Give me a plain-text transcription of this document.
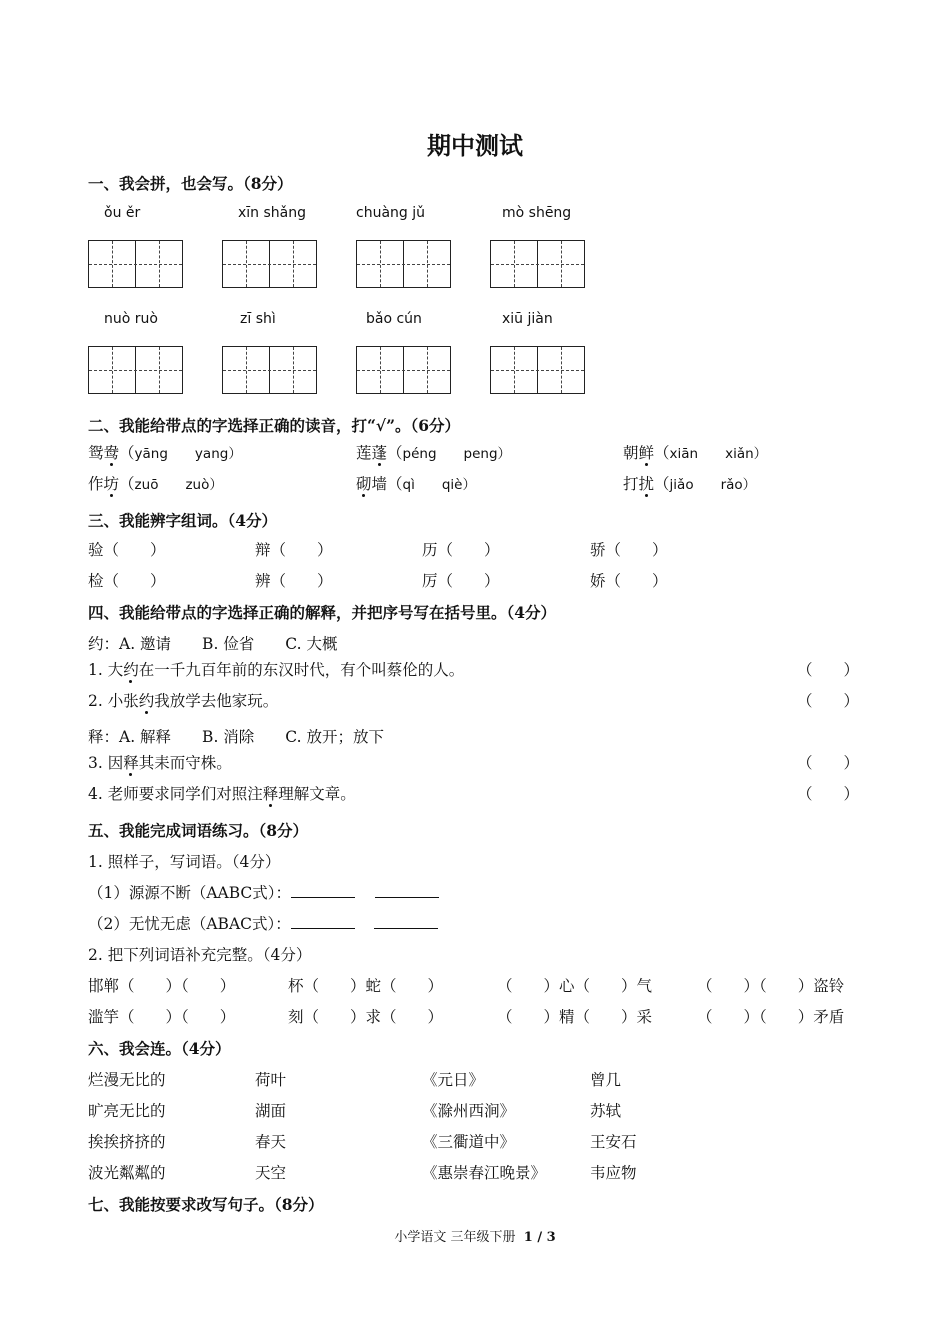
期中测试
一、我会拼，也会写。（8分）
ǒu ěr	xīn shǎng	chuàng jǔ	mò shēng
nuò ruò	zī shì	bǎo cún	xiū jiàn
二、我能给带点的字选择正确的读音，打“√”。（6分）
鸳鸯（yāng　　yang）	莲蓬（péng　　peng）	朝鲜（xiān　　xiǎn）
作坊（zuō　　zuò）	砌墙（qì　　qiè）	打扰（jiǎo　　rǎo）
三、我能辨字组词。（4分）
验（　　）	辩（　　）	历（　　）	骄（　　）
检（　　）	辨（　　）	厉（　　）	娇（　　）
四、我能给带点的字选择正确的解释，并把序号写在括号里。（4分）
约：A. 邀请　　B. 俭省　　C. 大概
1. 大约在一千九百年前的东汉时代，有个叫蔡伦的人。	（　　）
2. 小张约我放学去他家玩。	（　　）
释：A. 解释　　B. 消除　　C. 放开；放下
3. 因释其耒而守株。	（　　）
4. 老师要求同学们对照注释理解文章。	（　　）
五、我能完成词语练习。（8分）
1. 照样子，写词语。（4分）
（1）源源不断（AABC式）：
（2）无忧无虑（ABAC式）：
2. 把下列词语补充完整。（4分）
邯郸（　　）（　　）	杯（　　）蛇（　　）	（　　）心（　　）气	（　　）（　　）盗铃
滥竽（　　）（　　）	刻（　　）求（　　）	（　　）精（　　）采	（　　）（　　）矛盾
六、我会连。（4分）
烂漫无比的	荷叶	《元日》	曾几
旷亮无比的	湖面	《滁州西涧》	苏轼
挨挨挤挤的	春天	《三衢道中》	王安石
波光粼粼的	天空	《惠崇春江晚景》	韦应物
七、我能按要求改写句子。（8分）
小学语文 三年级下册 1 / 3
